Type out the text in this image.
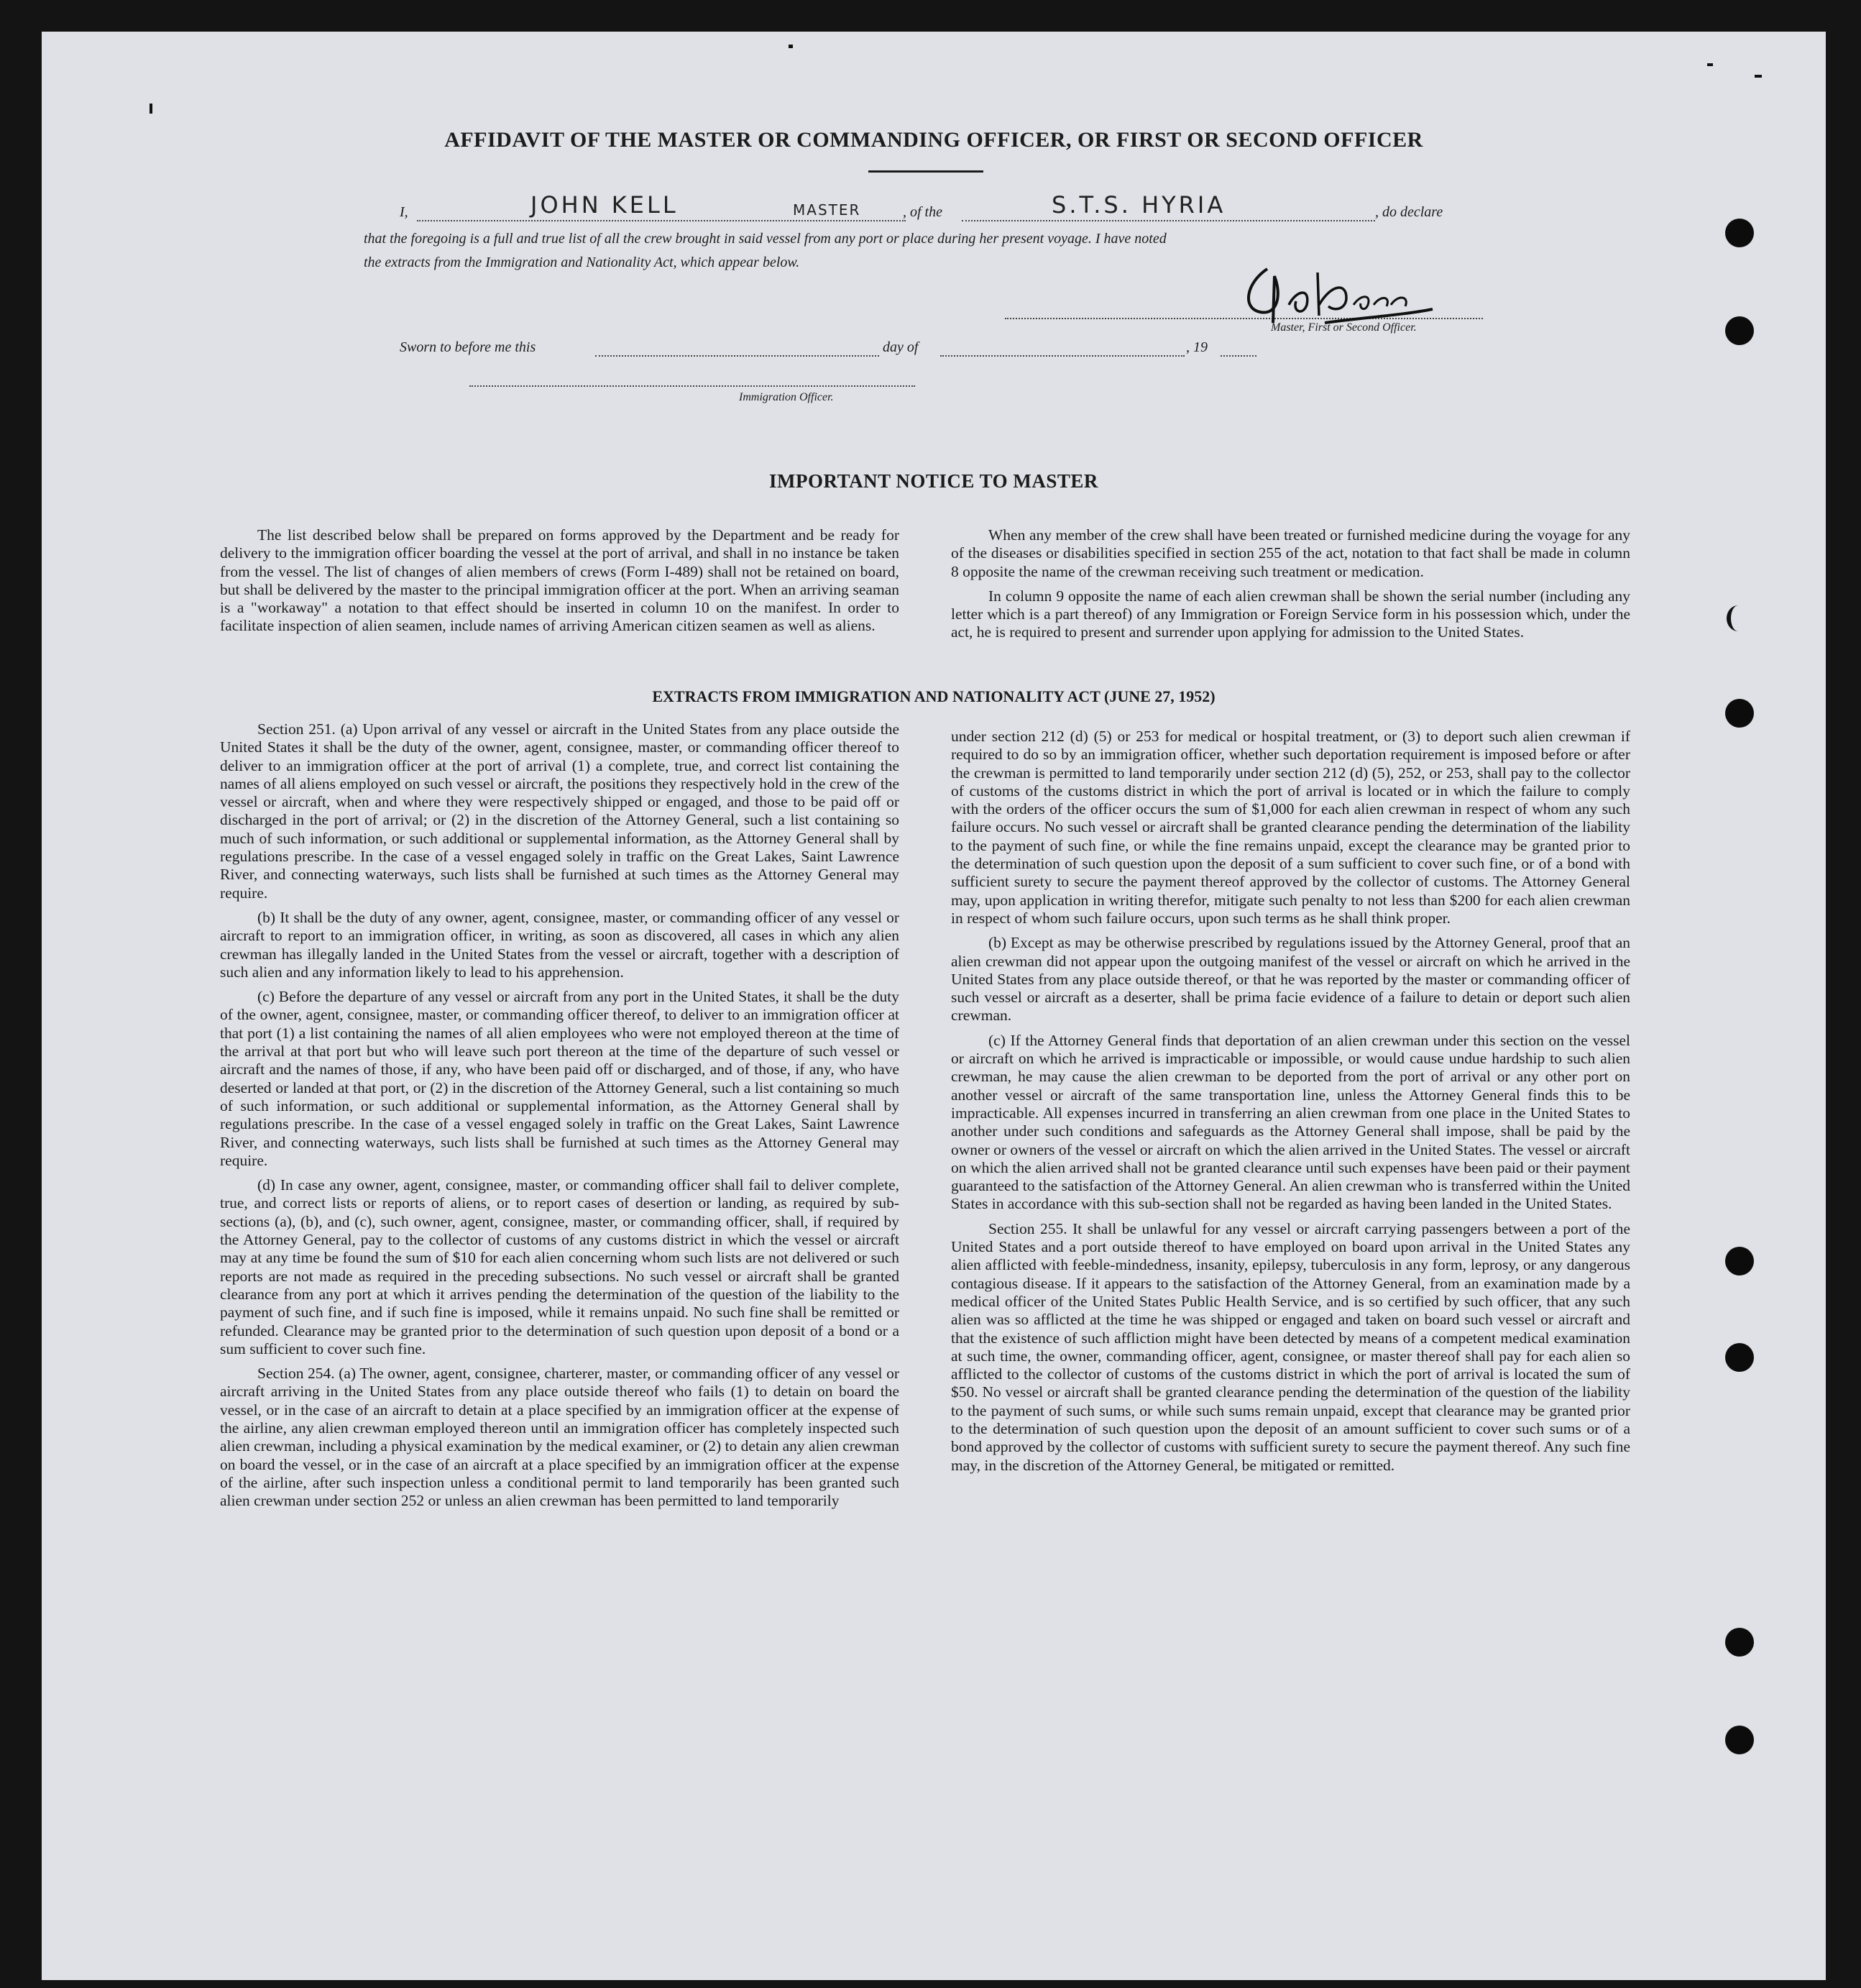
AFFIDAVIT OF THE MASTER OR COMMANDING OFFICER, OR FIRST OR SECOND OFFICER
I,	JOHN KELL	MASTER	, of the	S.T.S. HYRIA	, do declare
that the foregoing is a full and true list of all the crew brought in said vessel from any port or place during her present voyage. I have noted
the extracts from the Immigration and Nationality Act, which appear below.
Master, First or Second Officer.
Sworn to before me this	day of	, 19
Immigration Officer.
IMPORTANT NOTICE TO MASTER

The list described below shall be prepared on forms approved by the Department and be ready for delivery to the immigration officer boarding the vessel at the port of arrival, and shall in no instance be taken from the vessel. The list of changes of alien members of crews (Form I-489) shall not be retained on board, but shall be delivered by the master to the principal immigration officer at the port. When an arriving seaman is a "workaway" a notation to that effect should be inserted in column 10 on the manifest. In order to facilitate inspection of alien seamen, include names of arriving American citizen seamen as well as aliens.

When any member of the crew shall have been treated or furnished medicine during the voyage for any of the diseases or disabilities specified in section 255 of the act, notation to that fact shall be made in column 8 opposite the name of the crewman receiving such treatment or medication.

In column 9 opposite the name of each alien crewman shall be shown the serial number (including any letter which is a part thereof) of any Immigration or Foreign Service form in his possession which, under the act, he is required to present and surrender upon applying for admission to the United States.

EXTRACTS FROM IMMIGRATION AND NATIONALITY ACT (JUNE 27, 1952)

Section 251. (a) Upon arrival of any vessel or aircraft in the United States from any place outside the United States it shall be the duty of the owner, agent, consignee, master, or commanding officer thereof to deliver to an immigration officer at the port of arrival (1) a complete, true, and correct list containing the names of all aliens employed on such vessel or aircraft, the positions they respectively hold in the crew of the vessel or aircraft, when and where they were respectively shipped or engaged, and those to be paid off or discharged in the port of arrival; or (2) in the discretion of the Attorney General, such a list containing so much of such information, or such additional or supplemental information, as the Attorney General shall by regulations prescribe. In the case of a vessel engaged solely in traffic on the Great Lakes, Saint Lawrence River, and connecting waterways, such lists shall be furnished at such times as the Attorney General may require.

(b) It shall be the duty of any owner, agent, consignee, master, or commanding officer of any vessel or aircraft to report to an immigration officer, in writing, as soon as discovered, all cases in which any alien crewman has illegally landed in the United States from the vessel or aircraft, together with a description of such alien and any information likely to lead to his apprehension.

(c) Before the departure of any vessel or aircraft from any port in the United States, it shall be the duty of the owner, agent, consignee, master, or commanding officer thereof, to deliver to an immigration officer at that port (1) a list containing the names of all alien employees who were not employed thereon at the time of the arrival at that port but who will leave such port thereon at the time of the departure of such vessel or aircraft and the names of those, if any, who have been paid off or discharged, and of those, if any, who have deserted or landed at that port, or (2) in the discretion of the Attorney General, such a list containing so much of such information, or such additional or supplemental information, as the Attorney General shall by regulations prescribe. In the case of a vessel engaged solely in traffic on the Great Lakes, Saint Lawrence River, and connecting waterways, such lists shall be furnished at such times as the Attorney General may require.

(d) In case any owner, agent, consignee, master, or commanding officer shall fail to deliver complete, true, and correct lists or reports of aliens, or to report cases of desertion or landing, as required by sub-sections (a), (b), and (c), such owner, agent, consignee, master, or commanding officer, shall, if required by the Attorney General, pay to the collector of customs of any customs district in which the vessel or aircraft may at any time be found the sum of $10 for each alien concerning whom such lists are not delivered or such reports are not made as required in the preceding subsections. No such vessel or aircraft shall be granted clearance from any port at which it arrives pending the determination of the question of the liability to the payment of such fine, and if such fine is imposed, while it remains unpaid. No such fine shall be remitted or refunded. Clearance may be granted prior to the determination of such question upon deposit of a bond or a sum sufficient to cover such fine.

Section 254. (a) The owner, agent, consignee, charterer, master, or commanding officer of any vessel or aircraft arriving in the United States from any place outside thereof who fails (1) to detain on board the vessel, or in the case of an aircraft to detain at a place specified by an immigration officer at the expense of the airline, any alien crewman employed thereon until an immigration officer has completely inspected such alien crewman, including a physical examination by the medical examiner, or (2) to detain any alien crewman on board the vessel, or in the case of an aircraft at a place specified by an immigration officer at the expense of the airline, after such inspection unless a conditional permit to land temporarily has been granted such alien crewman under section 252 or unless an alien crewman has been permitted to land temporarily

under section 212 (d) (5) or 253 for medical or hospital treatment, or (3) to deport such alien crewman if required to do so by an immigration officer, whether such deportation requirement is imposed before or after the crewman is permitted to land temporarily under section 212 (d) (5), 252, or 253, shall pay to the collector of customs of the customs district in which the port of arrival is located or in which the failure to comply with the orders of the officer occurs the sum of $1,000 for each alien crewman in respect of whom any such failure occurs. No such vessel or aircraft shall be granted clearance pending the determination of the liability to the payment of such fine, or while the fine remains unpaid, except the clearance may be granted prior to the determination of such question upon the deposit of a sum sufficient to cover such fine, or of a bond with sufficient surety to secure the payment thereof approved by the collector of customs. The Attorney General may, upon application in writing therefor, mitigate such penalty to not less than $200 for each alien crewman in respect of whom such failure occurs, upon such terms as he shall think proper.

(b) Except as may be otherwise prescribed by regulations issued by the Attorney General, proof that an alien crewman did not appear upon the outgoing manifest of the vessel or aircraft on which he arrived in the United States from any place outside thereof, or that he was reported by the master or commanding officer of such vessel or aircraft as a deserter, shall be prima facie evidence of a failure to detain or deport such alien crewman.

(c) If the Attorney General finds that deportation of an alien crewman under this section on the vessel or aircraft on which he arrived is impracticable or impossible, or would cause undue hardship to such alien crewman, he may cause the alien crewman to be deported from the port of arrival or any other port on another vessel or aircraft of the same transportation line, unless the Attorney General finds this to be impracticable. All expenses incurred in transferring an alien crewman from one place in the United States to another under such conditions and safeguards as the Attorney General shall impose, shall be paid by the owner or owners of the vessel or aircraft on which the alien arrived in the United States. The vessel or aircraft on which the alien arrived shall not be granted clearance until such expenses have been paid or their payment guaranteed to the satisfaction of the Attorney General. An alien crewman who is transferred within the United States in accordance with this sub-section shall not be regarded as having been landed in the United States.

Section 255. It shall be unlawful for any vessel or aircraft carrying passengers between a port of the United States and a port outside thereof to have employed on board upon arrival in the United States any alien afflicted with feeble-mindedness, insanity, epilepsy, tuberculosis in any form, leprosy, or any dangerous contagious disease. If it appears to the satisfaction of the Attorney General, from an examination made by a medical officer of the United States Public Health Service, and is so certified by such officer, that any such alien was so afflicted at the time he was shipped or engaged and taken on board such vessel or aircraft and that the existence of such affliction might have been detected by means of a competent medical examination at such time, the owner, commanding officer, agent, consignee, or master thereof shall pay for each alien so afflicted to the collector of customs of the customs district in which the port of arrival is located the sum of $50. No vessel or aircraft shall be granted clearance pending the determination of the question of the liability to the payment of such sums, or while such sums remain unpaid, except that clearance may be granted prior to the determination of such question upon the deposit of an amount sufficient to cover such sums or of a bond approved by the collector of customs with sufficient surety to secure the payment thereof. Any such fine may, in the discretion of the Attorney General, be mitigated or remitted.
